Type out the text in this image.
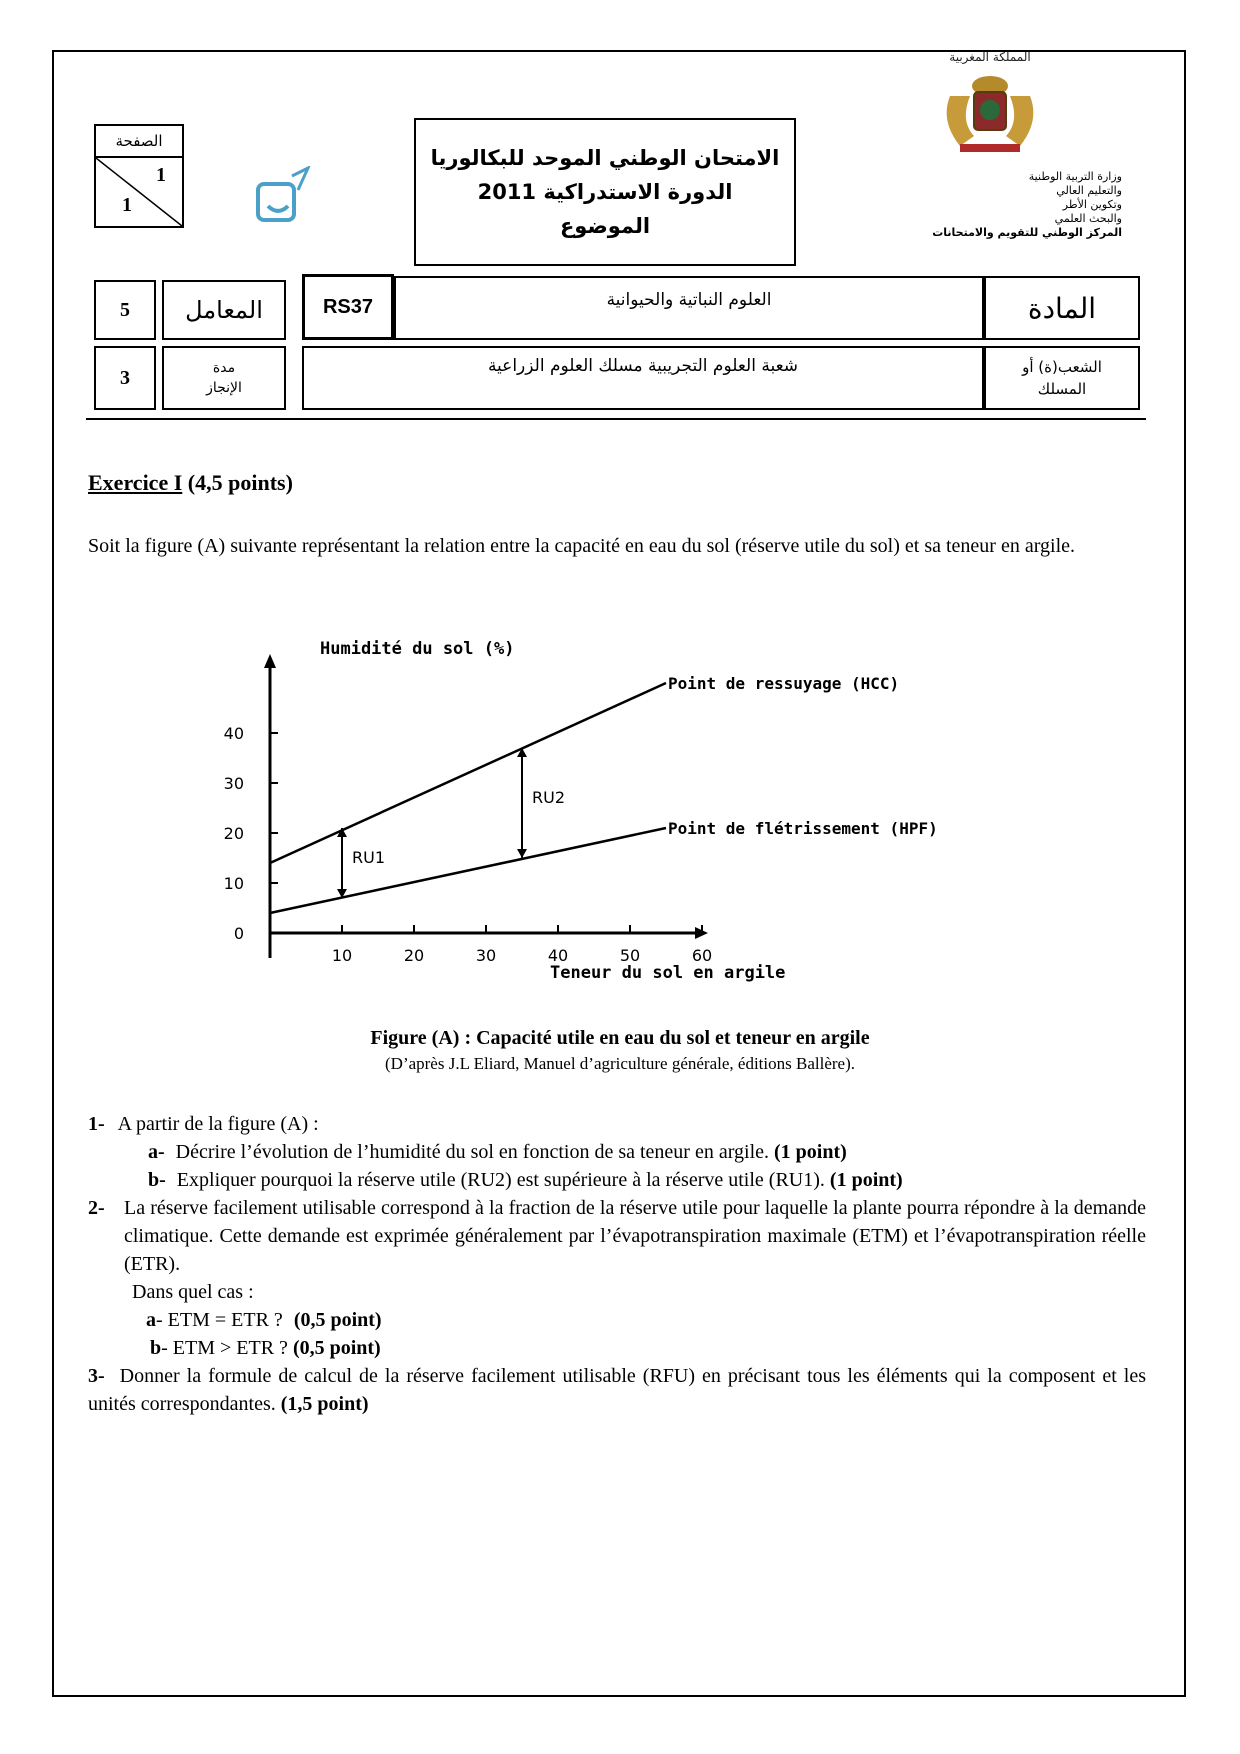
المملكة المغربية
وزارة التربية الوطنية
والتعليم العالي
وتكوين الأطر
والبحث العلمي
المركز الوطني للتقويم والامتحانات
الامتحان الوطني الموحد للبكالوريا
الدورة الاستدراكية 2011
الموضوع
الصفحة
1
1
5 المعامل	RS37	العلوم النباتية والحيوانية	المادة
3	مدة
الإنجاز
شعبة العلوم التجريبية مسلك العلوم الزراعية	الشعب(ة) أو
المسلك
Exercice I (4,5 points)
Soit la figure (A) suivante représentant la relation entre la capacité en eau du sol (réserve utile du sol) et sa teneur en argile.
Humidité du sol (%)
0
10
20
30
40
10	20	30	40	50	60
Point de ressuyage (HCC)
Point de flétrissement (HPF)
RU1
RU2
Teneur du sol en argile
Figure (A) : Capacité utile en eau du sol et teneur en argile
(D’après J.L Eliard, Manuel d’agriculture générale, éditions Ballère).
1- A partir de la figure (A) :
a- Décrire l’évolution de l’humidité du sol en fonction de sa teneur en argile. (1 point)
b- Expliquer pourquoi la réserve utile (RU2) est supérieure à la réserve utile (RU1). (1 point)
2- La réserve facilement utilisable correspond à la fraction de la réserve utile pour laquelle la plante pourra répondre à la demande climatique. Cette demande est exprimée généralement par l’évapotranspiration maximale (ETM) et l’évapotranspiration réelle (ETR).
Dans quel cas :
a- ETM = ETR ? (0,5 point)
b- ETM > ETR ? (0,5 point)
3- Donner la formule de calcul de la réserve facilement utilisable (RFU) en précisant tous les éléments qui la composent et les unités correspondantes. (1,5 point)
